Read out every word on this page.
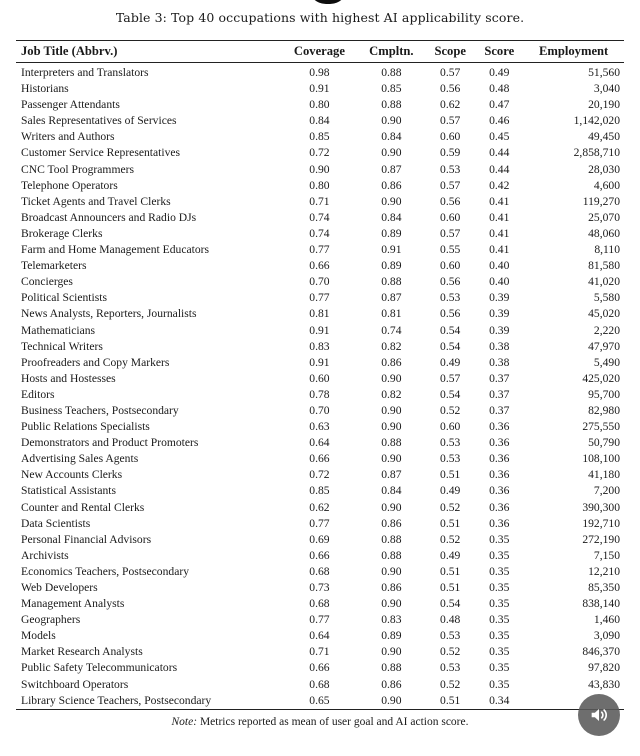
Table 3: Top 40 occupations with highest AI applicability score.
Job Title (Abbrv.)	Coverage	Cmpltn.	Scope	Score	Employment
Interpreters and Translators	0.98	0.88	0.57	0.49	51,560
Historians	0.91	0.85	0.56	0.48	3,040
Passenger Attendants	0.80	0.88	0.62	0.47	20,190
Sales Representatives of Services	0.84	0.90	0.57	0.46	1,142,020
Writers and Authors	0.85	0.84	0.60	0.45	49,450
Customer Service Representatives	0.72	0.90	0.59	0.44	2,858,710
CNC Tool Programmers	0.90	0.87	0.53	0.44	28,030
Telephone Operators	0.80	0.86	0.57	0.42	4,600
Ticket Agents and Travel Clerks	0.71	0.90	0.56	0.41	119,270
Broadcast Announcers and Radio DJs	0.74	0.84	0.60	0.41	25,070
Brokerage Clerks	0.74	0.89	0.57	0.41	48,060
Farm and Home Management Educators	0.77	0.91	0.55	0.41	8,110
Telemarketers	0.66	0.89	0.60	0.40	81,580
Concierges	0.70	0.88	0.56	0.40	41,020
Political Scientists	0.77	0.87	0.53	0.39	5,580
News Analysts, Reporters, Journalists	0.81	0.81	0.56	0.39	45,020
Mathematicians	0.91	0.74	0.54	0.39	2,220
Technical Writers	0.83	0.82	0.54	0.38	47,970
Proofreaders and Copy Markers	0.91	0.86	0.49	0.38	5,490
Hosts and Hostesses	0.60	0.90	0.57	0.37	425,020
Editors	0.78	0.82	0.54	0.37	95,700
Business Teachers, Postsecondary	0.70	0.90	0.52	0.37	82,980
Public Relations Specialists	0.63	0.90	0.60	0.36	275,550
Demonstrators and Product Promoters	0.64	0.88	0.53	0.36	50,790
Advertising Sales Agents	0.66	0.90	0.53	0.36	108,100
New Accounts Clerks	0.72	0.87	0.51	0.36	41,180
Statistical Assistants	0.85	0.84	0.49	0.36	7,200
Counter and Rental Clerks	0.62	0.90	0.52	0.36	390,300
Data Scientists	0.77	0.86	0.51	0.36	192,710
Personal Financial Advisors	0.69	0.88	0.52	0.35	272,190
Archivists	0.66	0.88	0.49	0.35	7,150
Economics Teachers, Postsecondary	0.68	0.90	0.51	0.35	12,210
Web Developers	0.73	0.86	0.51	0.35	85,350
Management Analysts	0.68	0.90	0.54	0.35	838,140
Geographers	0.77	0.83	0.48	0.35	1,460
Models	0.64	0.89	0.53	0.35	3,090
Market Research Analysts	0.71	0.90	0.52	0.35	846,370
Public Safety Telecommunicators	0.66	0.88	0.53	0.35	97,820
Switchboard Operators	0.68	0.86	0.52	0.35	43,830
Library Science Teachers, Postsecondary	0.65	0.90	0.51	0.34	
Note: Metrics reported as mean of user goal and AI action score.
